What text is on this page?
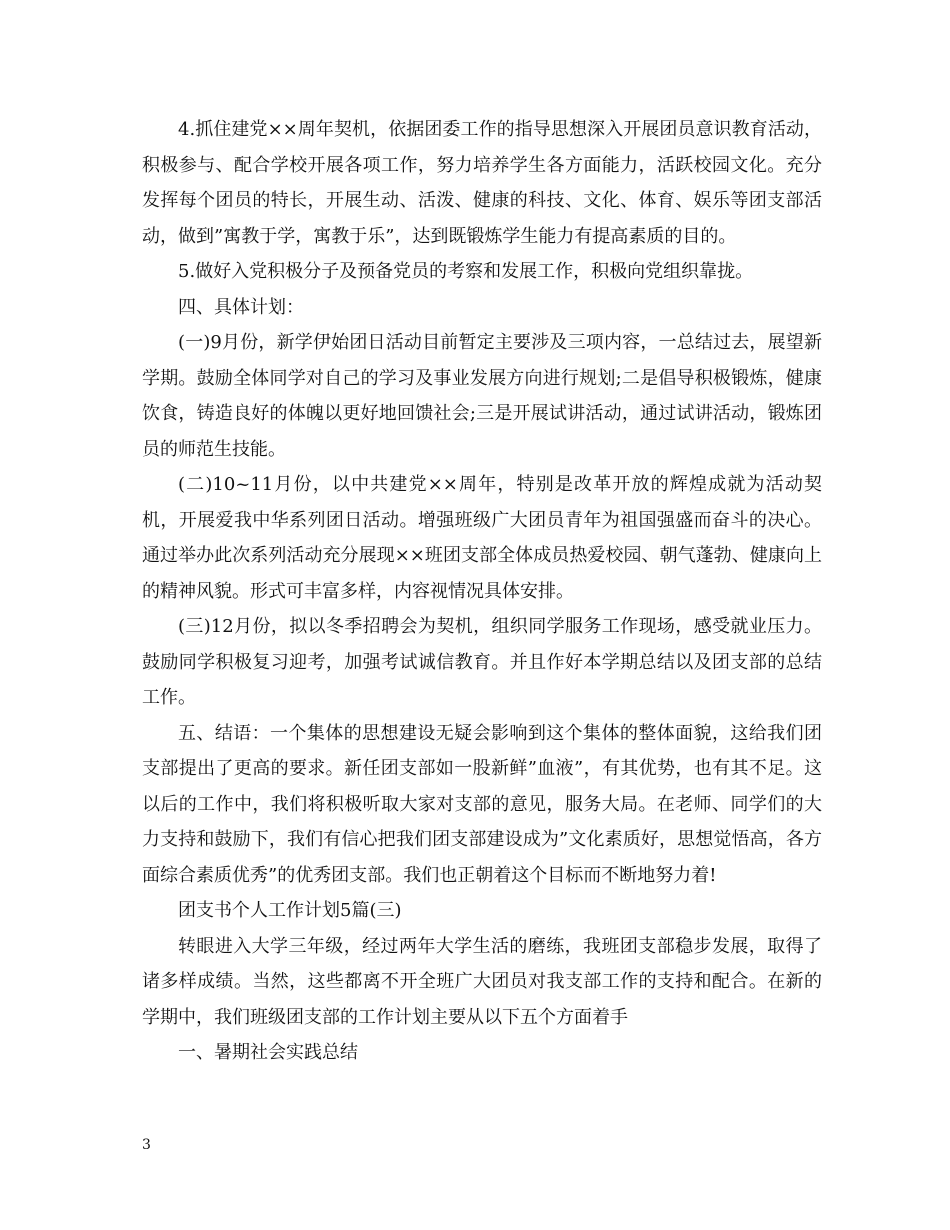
4.抓住建党××周年契机，依据团委工作的指导思想深入开展团员意识教育活动，积极参与、配合学校开展各项工作，努力培养学生各方面能力，活跃校园文化。充分发挥每个团员的特长，开展生动、活泼、健康的科技、文化、体育、娱乐等团支部活动，做到”寓教于学，寓教于乐”，达到既锻炼学生能力有提高素质的目的。

5.做好入党积极分子及预备党员的考察和发展工作，积极向党组织靠拢。

四、具体计划：

(一)9月份，新学伊始团日活动目前暂定主要涉及三项内容，一总结过去，展望新学期。鼓励全体同学对自己的学习及事业发展方向进行规划;二是倡导积极锻炼，健康饮食，铸造良好的体魄以更好地回馈社会;三是开展试讲活动，通过试讲活动，锻炼团员的师范生技能。

(二)10~11月份，以中共建党××周年，特别是改革开放的辉煌成就为活动契机，开展爱我中华系列团日活动。增强班级广大团员青年为祖国强盛而奋斗的决心。通过举办此次系列活动充分展现××班团支部全体成员热爱校园、朝气蓬勃、健康向上的精神风貌。形式可丰富多样，内容视情况具体安排。

(三)12月份，拟以冬季招聘会为契机，组织同学服务工作现场，感受就业压力。鼓励同学积极复习迎考，加强考试诚信教育。并且作好本学期总结以及团支部的总结工作。

五、结语：一个集体的思想建设无疑会影响到这个集体的整体面貌，这给我们团支部提出了更高的要求。新任团支部如一股新鲜”血液”，有其优势，也有其不足。这以后的工作中，我们将积极听取大家对支部的意见，服务大局。在老师、同学们的大力支持和鼓励下，我们有信心把我们团支部建设成为”文化素质好，思想觉悟高，各方面综合素质优秀”的优秀团支部。我们也正朝着这个目标而不断地努力着!

团支书个人工作计划5篇(三)

转眼进入大学三年级，经过两年大学生活的磨练，我班团支部稳步发展，取得了诸多样成绩。当然，这些都离不开全班广大团员对我支部工作的支持和配合。在新的学期中，我们班级团支部的工作计划主要从以下五个方面着手

一、暑期社会实践总结

3
